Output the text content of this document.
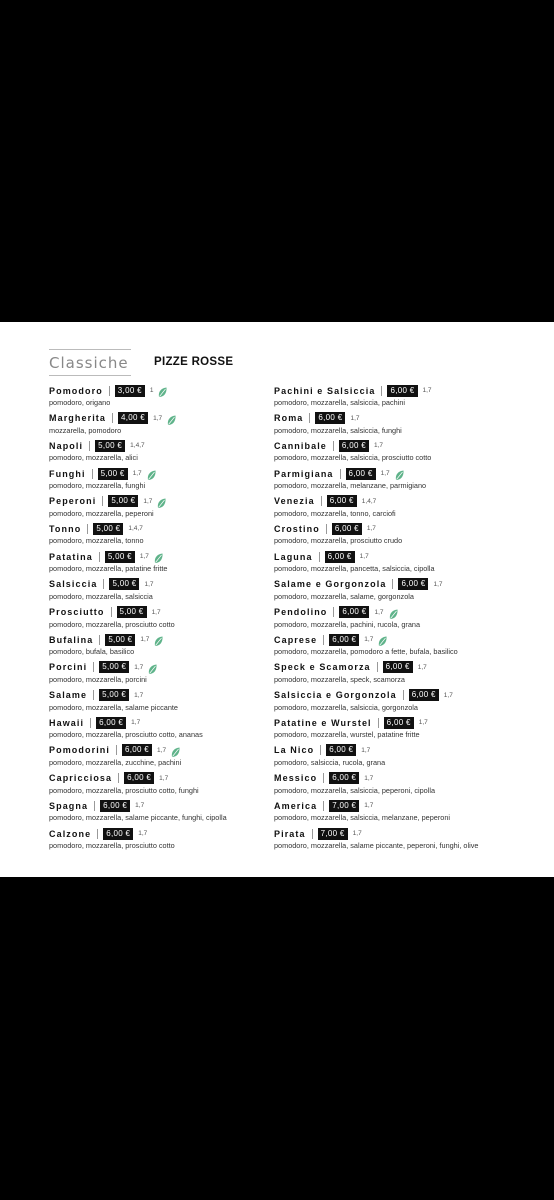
Classiche PIZZE ROSSE
Pomodoro	3,00 €	1
pomodoro, origano
Margherita	4,00 €	1,7
mozzarella, pomodoro
Napoli	5,00 €	1,4,7
pomodoro, mozzarella, alici
Funghi	5,00 €	1,7
pomodoro, mozzarella, funghi
Peperoni	5,00 €	1,7
pomodoro, mozzarella, peperoni
Tonno	5,00 €	1,4,7
pomodoro, mozzarella, tonno
Patatina	5,00 €	1,7
pomodoro, mozzarella, patatine fritte
Salsiccia	5,00 €	1,7
pomodoro, mozzarella, salsiccia
Prosciutto	5,00 €	1,7
pomodoro, mozzarella, prosciutto cotto
Bufalina	5,00 €	1,7
pomodoro, bufala, basilico
Porcini	5,00 €	1,7
pomodoro, mozzarella, porcini
Salame	5,00 €	1,7
pomodoro, mozzarella, salame piccante
Hawaii	6,00 €	1,7
pomodoro, mozzarella, prosciutto cotto, ananas
Pomodorini	6,00 €	1,7
pomodoro, mozzarella, zucchine, pachini
Capricciosa	6,00 €	1,7
pomodoro, mozzarella, prosciutto cotto, funghi
Spagna	6,00 €	1,7
pomodoro, mozzarella, salame piccante, funghi, cipolla
Calzone	6,00 €	1,7
pomodoro, mozzarella, prosciutto cotto
Pachini e Salsiccia	6,00 €	1,7
pomodoro, mozzarella, salsiccia, pachini
Roma	6,00 €	1,7
pomodoro, mozzarella, salsiccia, funghi
Cannibale	6,00 €	1,7
pomodoro, mozzarella, salsiccia, prosciutto cotto
Parmigiana	6,00 €	1,7
pomodoro, mozzarella, melanzane, parmigiano
Venezia	6,00 €	1,4,7
pomodoro, mozzarella, tonno, carciofi
Crostino	6,00 €	1,7
pomodoro, mozzarella, prosciutto crudo
Laguna	6,00 €	1,7
pomodoro, mozzarella, pancetta, salsiccia, cipolla
Salame e Gorgonzola	6,00 €	1,7
pomodoro, mozzarella, salame, gorgonzola
Pendolino	6,00 €	1,7
pomodoro, mozzarella, pachini, rucola, grana
Caprese	6,00 €	1,7
pomodoro, mozzarella, pomodoro a fette, bufala, basilico
Speck e Scamorza	6,00 €	1,7
pomodoro, mozzarella, speck, scamorza
Salsiccia e Gorgonzola	6,00 €	1,7
pomodoro, mozzarella, salsiccia, gorgonzola
Patatine e Wurstel	6,00 €	1,7
pomodoro, mozzarella, wurstel, patatine fritte
La Nico	6,00 €	1,7
pomodoro, salsiccia, rucola, grana
Messico	6,00 €	1,7
pomodoro, mozzarella, salsiccia, peperoni, cipolla
America	7,00 €	1,7
pomodoro, mozzarella, salsiccia, melanzane, peperoni
Pirata	7,00 €	1,7
pomodoro, mozzarella, salame piccante, peperoni, funghi, olive
